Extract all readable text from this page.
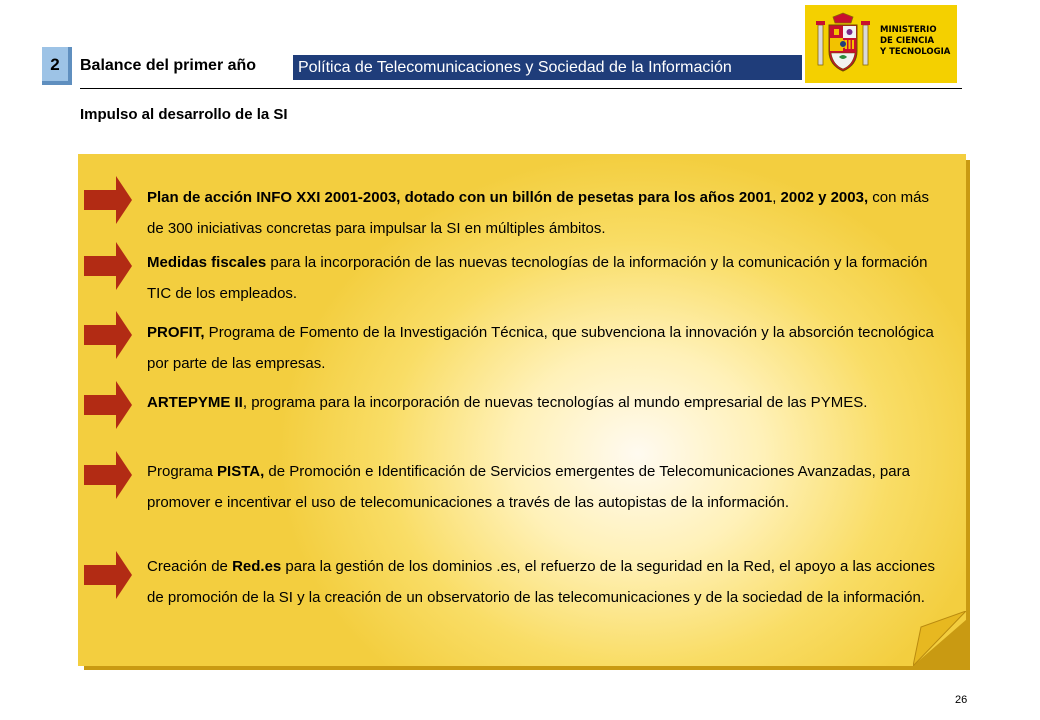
2	Balance del primer año	Política de Telecomunicaciones y Sociedad de la Información
MINISTERIO
DE CIENCIA
Y TECNOLOGIA
Impulso al desarrollo de la SI
Plan de acción INFO XXI 2001-2003, dotado con un billón de pesetas para los años 2001, 2002 y 2003, con más de 300 iniciativas concretas para impulsar la SI en múltiples ámbitos.
Medidas fiscales para la incorporación de las nuevas tecnologías de la información y la comunicación y la formación TIC de los empleados.
PROFIT, Programa de Fomento de la Investigación Técnica, que subvenciona la innovación y la absorción tecnológica por parte de las empresas.
ARTEPYME II, programa para la incorporación de nuevas tecnologías al mundo empresarial de las PYMES.
Programa PISTA, de Promoción e Identificación de Servicios emergentes de Telecomunicaciones Avanzadas, para promover e incentivar el uso de telecomunicaciones a través de las autopistas de la información.
Creación de Red.es para la gestión de los dominios .es, el refuerzo de la seguridad en la Red, el apoyo a las acciones de promoción de la SI y la creación de un observatorio de las telecomunicaciones y de la sociedad de la información.
26
